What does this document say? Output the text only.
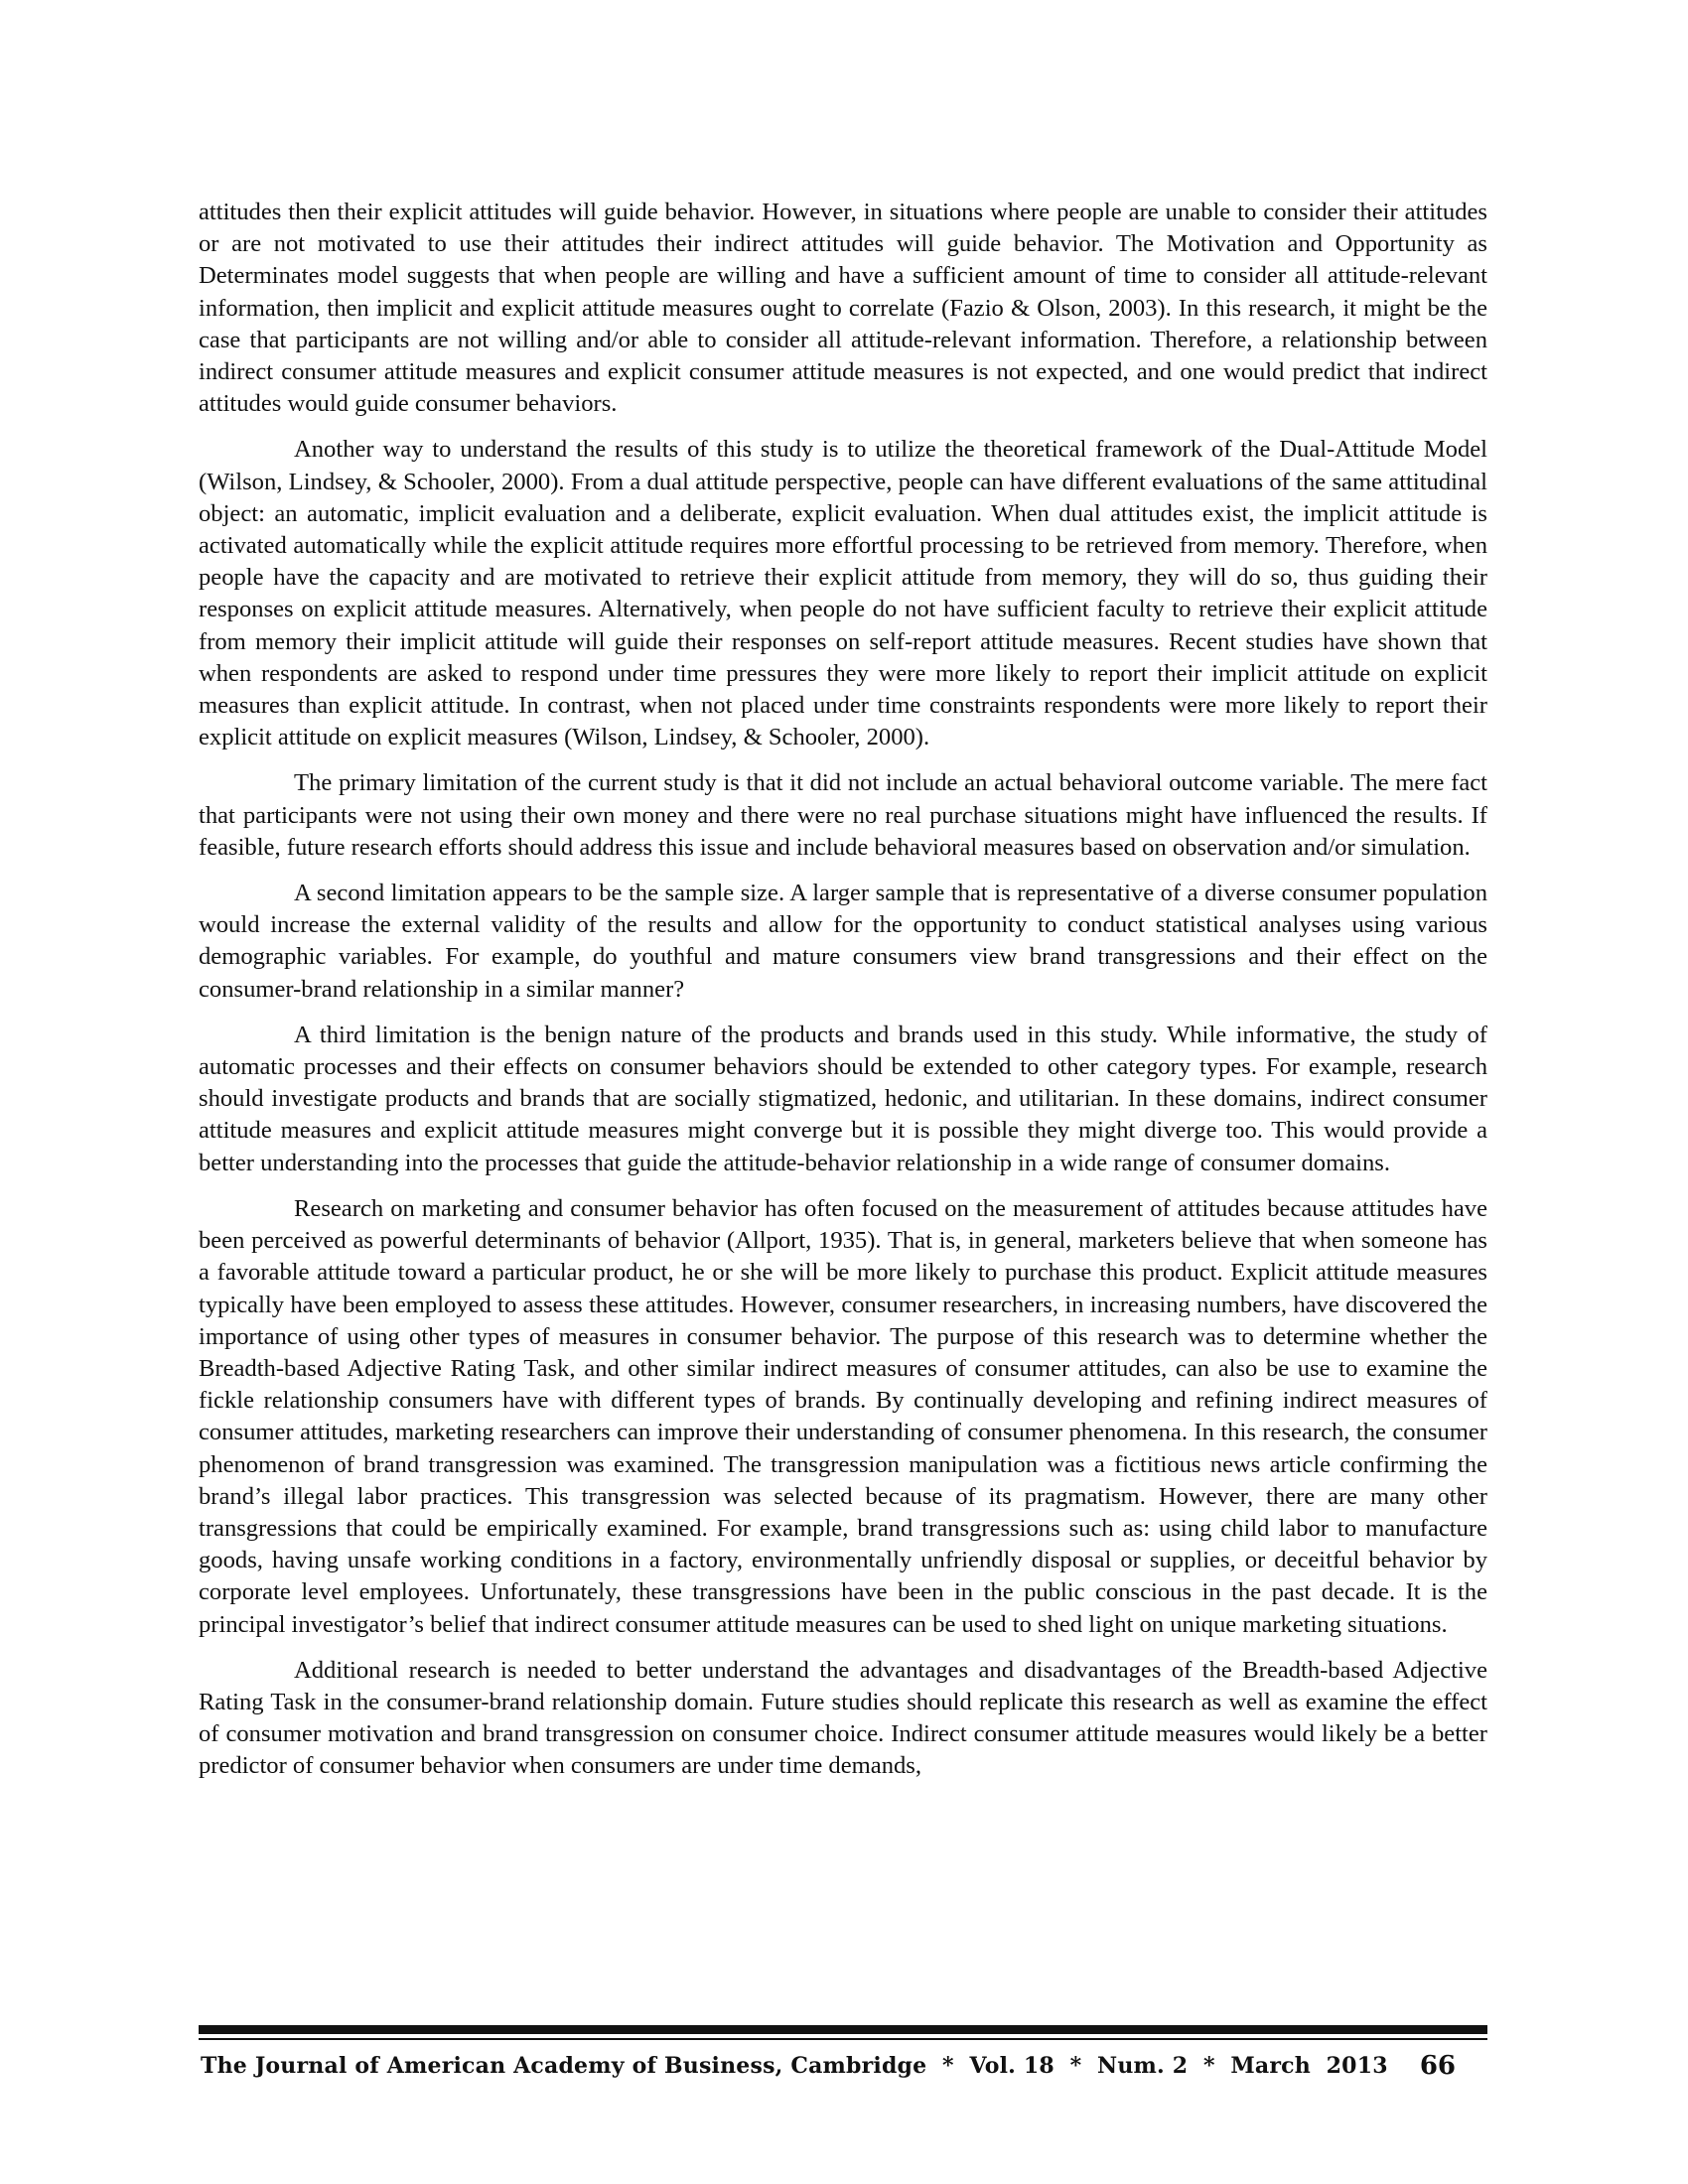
attitudes then their explicit attitudes will guide behavior. However, in situations where people are unable to consider their attitudes or are not motivated to use their attitudes their indirect attitudes will guide behavior. The Motivation and Opportunity as Determinates model suggests that when people are willing and have a sufficient amount of time to consider all attitude-relevant information, then implicit and explicit attitude measures ought to correlate (Fazio & Olson, 2003). In this research, it might be the case that participants are not willing and/or able to consider all attitude-relevant information. Therefore, a relationship between indirect consumer attitude measures and explicit consumer attitude measures is not expected, and one would predict that indirect attitudes would guide consumer behaviors.

Another way to understand the results of this study is to utilize the theoretical framework of the Dual-Attitude Model (Wilson, Lindsey, & Schooler, 2000). From a dual attitude perspective, people can have different evaluations of the same attitudinal object: an automatic, implicit evaluation and a deliberate, explicit evaluation. When dual attitudes exist, the implicit attitude is activated automatically while the explicit attitude requires more effortful processing to be retrieved from memory. Therefore, when people have the capacity and are motivated to retrieve their explicit attitude from memory, they will do so, thus guiding their responses on explicit attitude measures. Alternatively, when people do not have sufficient faculty to retrieve their explicit attitude from memory their implicit attitude will guide their responses on self-report attitude measures. Recent studies have shown that when respondents are asked to respond under time pressures they were more likely to report their implicit attitude on explicit measures than explicit attitude. In contrast, when not placed under time constraints respondents were more likely to report their explicit attitude on explicit measures (Wilson, Lindsey, & Schooler, 2000).

The primary limitation of the current study is that it did not include an actual behavioral outcome variable. The mere fact that participants were not using their own money and there were no real purchase situations might have influenced the results. If feasible, future research efforts should address this issue and include behavioral measures based on observation and/or simulation.

A second limitation appears to be the sample size. A larger sample that is representative of a diverse consumer population would increase the external validity of the results and allow for the opportunity to conduct statistical analyses using various demographic variables. For example, do youthful and mature consumers view brand transgressions and their effect on the consumer-brand relationship in a similar manner?

A third limitation is the benign nature of the products and brands used in this study. While informative, the study of automatic processes and their effects on consumer behaviors should be extended to other category types. For example, research should investigate products and brands that are socially stigmatized, hedonic, and utilitarian. In these domains, indirect consumer attitude measures and explicit attitude measures might converge but it is possible they might diverge too. This would provide a better understanding into the processes that guide the attitude-behavior relationship in a wide range of consumer domains.

Research on marketing and consumer behavior has often focused on the measurement of attitudes because attitudes have been perceived as powerful determinants of behavior (Allport, 1935). That is, in general, marketers believe that when someone has a favorable attitude toward a particular product, he or she will be more likely to purchase this product. Explicit attitude measures typically have been employed to assess these attitudes. However, consumer researchers, in increasing numbers, have discovered the importance of using other types of measures in consumer behavior. The purpose of this research was to determine whether the Breadth-based Adjective Rating Task, and other similar indirect measures of consumer attitudes, can also be use to examine the fickle relationship consumers have with different types of brands. By continually developing and refining indirect measures of consumer attitudes, marketing researchers can improve their understanding of consumer phenomena. In this research, the consumer phenomenon of brand transgression was examined. The transgression manipulation was a fictitious news article confirming the brand’s illegal labor practices. This transgression was selected because of its pragmatism. However, there are many other transgressions that could be empirically examined. For example, brand transgressions such as: using child labor to manufacture goods, having unsafe working conditions in a factory, environmentally unfriendly disposal or supplies, or deceitful behavior by corporate level employees. Unfortunately, these transgressions have been in the public conscious in the past decade. It is the principal investigator’s belief that indirect consumer attitude measures can be used to shed light on unique marketing situations.

Additional research is needed to better understand the advantages and disadvantages of the Breadth-based Adjective Rating Task in the consumer-brand relationship domain. Future studies should replicate this research as well as examine the effect of consumer motivation and brand transgression on consumer choice. Indirect consumer attitude measures would likely be a better predictor of consumer behavior when consumers are under time demands,

The Journal of American Academy of Business, Cambridge  *  Vol. 18  *  Num. 2  *  March  2013 66
